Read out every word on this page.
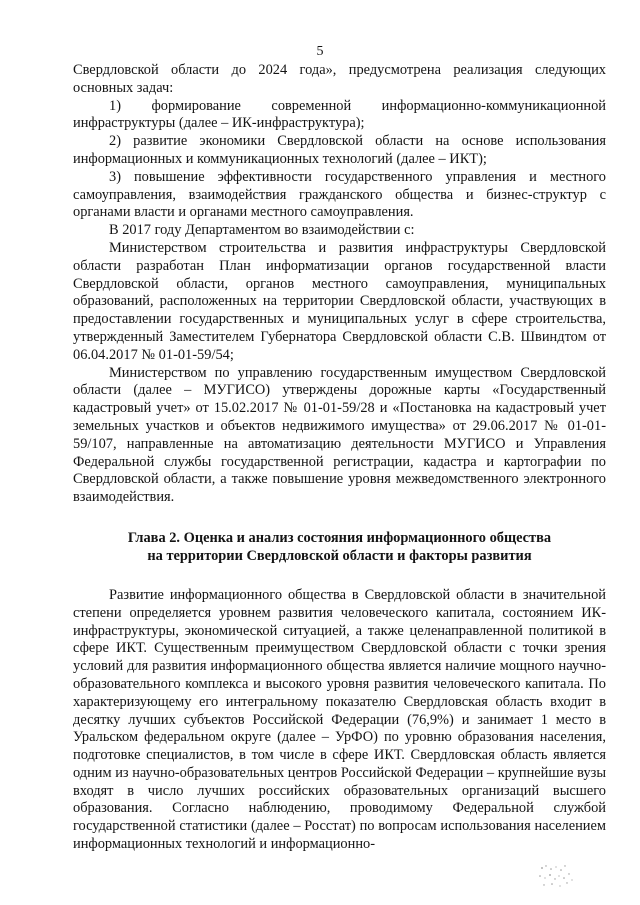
5

Свердловской области до 2024 года», предусмотрена реализация следующих основных задач:

1) формирование современной информационно-коммуникационной инфраструктуры (далее – ИК-инфраструктура);

2) развитие экономики Свердловской области на основе использования информационных и коммуникационных технологий (далее – ИКТ);

3) повышение эффективности государственного управления и местного самоуправления, взаимодействия гражданского общества и бизнес-структур с органами власти и органами местного самоуправления.

В 2017 году Департаментом во взаимодействии с:

Министерством строительства и развития инфраструктуры Свердловской области разработан План информатизации органов государственной власти Свердловской области, органов местного самоуправления, муниципальных образований, расположенных на территории Свердловской области, участвующих в предоставлении государственных и муниципальных услуг в сфере строительства, утвержденный Заместителем Губернатора Свердловской области С.В. Швиндтом от 06.04.2017 № 01-01-59/54;

Министерством по управлению государственным имуществом Свердловской области (далее – МУГИСО) утверждены дорожные карты «Государственный кадастровый учет» от 15.02.2017 № 01-01-59/28 и «Постановка на кадастровый учет земельных участков и объектов недвижимого имущества» от 29.06.2017 № 01-01-59/107, направленные на автоматизацию деятельности МУГИСО и Управления Федеральной службы государственной регистрации, кадастра и картографии по Свердловской области, а также повышение уровня межведомственного электронного взаимодействия.

Глава 2. Оценка и анализ состояния информационного общества
на территории Свердловской области и факторы развития

Развитие информационного общества в Свердловской области в значительной степени определяется уровнем развития человеческого капитала, состоянием ИК-инфраструктуры, экономической ситуацией, а также целенаправленной политикой в сфере ИКТ. Существенным преимуществом Свердловской области с точки зрения условий для развития информационного общества является наличие мощного научно-образовательного комплекса и высокого уровня развития человеческого капитала. По характеризующему его интегральному показателю Свердловская область входит в десятку лучших субъектов Российской Федерации (76,9%) и занимает 1 место в Уральском федеральном округе (далее – УрФО) по уровню образования населения, подготовке специалистов, в том числе в сфере ИКТ. Свердловская область является одним из научно-образовательных центров Российской Федерации – крупнейшие вузы входят в число лучших российских образовательных организаций высшего образования. Согласно наблюдению, проводимому Федеральной службой государственной статистики (далее – Росстат) по вопросам использования населением информационных технологий и информационно-
